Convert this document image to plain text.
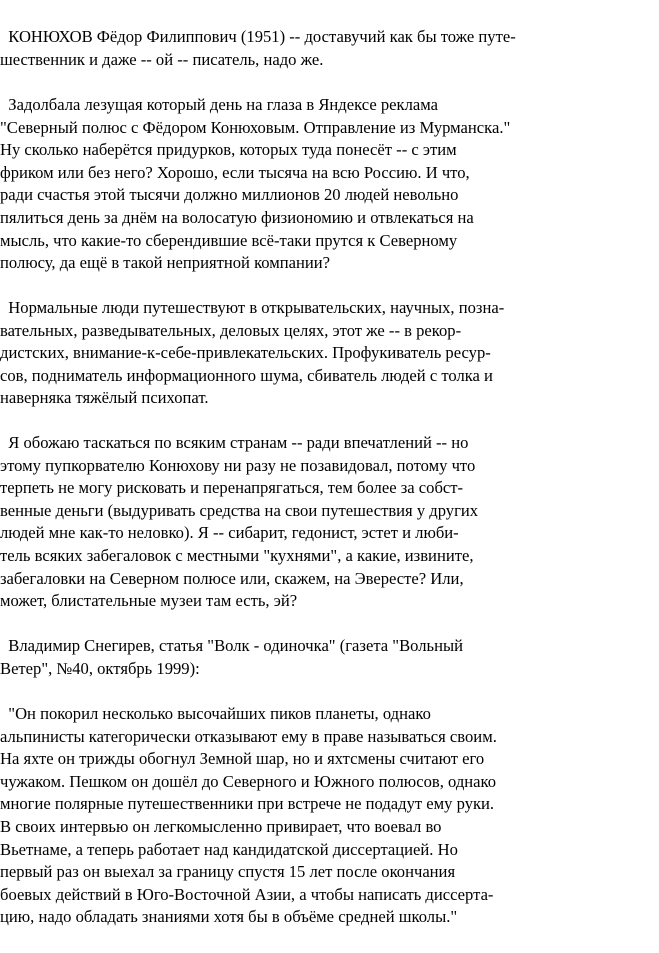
КОНЮХОВ Фёдор Филиппович (1951) -- доставучий как бы тоже путе-
шественник и даже -- ой -- писатель, надо же.

Задолбала лезущая который день на глаза в Яндексе реклама
"Северный полюс с Фёдором Конюховым. Отправление из Мурманска."
Ну сколько наберётся придурков, которых туда понесёт -- с этим
фриком или без него? Хорошо, если тысяча на всю Россию. И что,
ради счастья этой тысячи должно миллионов 20 людей невольно
пялиться день за днём на волосатую физиономию и отвлекаться на
мысль, что какие-то сберендившие всё-таки прутся к Северному
полюсу, да ещё в такой неприятной компании?

Нормальные люди путешествуют в открывательских, научных, позна-
вательных, разведывательных, деловых целях, этот же -- в рекор-
дистских, внимание-к-себе-привлекательских. Профукиватель ресур-
сов, подниматель информационного шума, сбиватель людей с толка и
наверняка тяжёлый психопат.

Я обожаю таскаться по всяким странам -- ради впечатлений -- но
этому пупкорвателю Конюхову ни разу не позавидовал, потому что
терпеть не могу рисковать и перенапрягаться, тем более за собст-
венные деньги (выдуривать средства на свои путешествия у других
людей мне как-то неловко). Я -- сибарит, гедонист, эстет и люби-
тель всяких забегаловок с местными "кухнями", а какие, извините,
забегаловки на Северном полюсе или, скажем, на Эвересте? Или,
может, блистательные музеи там есть, эй?

Владимир Снегирев, статья "Волк - одиночка" (газета "Вольный
Ветер", №40, октябрь 1999):

"Он покорил несколько высочайших пиков планеты, однако
альпинисты категорически отказывают ему в праве называться своим.
На яхте он трижды обогнул Земной шар, но и яхтсмены считают его
чужаком. Пешком он дошёл до Северного и Южного полюсов, однако
многие полярные путешественники при встрече не подадут ему руки.
В своих интервью он легкомысленно привирает, что воевал во
Вьетнаме, а теперь работает над кандидатской диссертацией. Но
первый раз он выехал за границу спустя 15 лет после окончания
боевых действий в Юго-Восточной Азии, а чтобы написать диссерта-
цию, надо обладать знаниями хотя бы в объёме средней школы."
